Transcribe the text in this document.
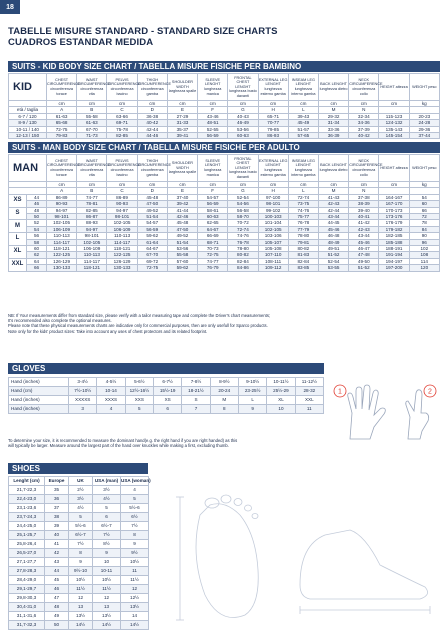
18
TABELLE MISURE STANDARD - STANDARD SIZE CHARTS
CUADROS ESTANDAR MEDIDA
SUITS - KID BODY SIZE CHART / TABELLA MISURE FISICHE PER BAMBINO
KID	CHEST CIRCUMFERENCE circonferenza torace	WAIST CIRCUMFERENCE circonferenza vita	PELVIS CIRCUMFERENCE circonferenza bacino	THIGH CIRCUMFERENCE circonferenza gamba	SHOULDER WIDTH larghezza spalle	SLEEVE LENGHT lunghezza manica	FRONTAL CHEST LENGHT lunghezza busto davanti	EXTERNAL LEG LENGHT lunghezza esterno gamba	INSEAM LEG LENGHT lunghezza interno gamba	BACK LENGHT lunghezza dietro	NECK CIRCUMFERENCE circonferenza collo	HEIGHT altezza	WEIGHT peso
	cm	cm	cm	cm	cm	cm	cm	cm	cm	cm	cm	cm	kg
età / taglia	A	B	C	D	E	F	G	H	L	M	N		
6-7 / 120	61-63	55-58	63-66	36-38	27-29	43-46	40-43	65-71	39-43	29-32	32-34	115-123	20-23
8-9 / 130	65-68	61-63	69-71	40-42	31-33	48-51	46-49	70-77	45-49	31-34	34-36	124-132	24-28
10-11 / 140	72-75	67-70	75-78	42-44	35-37	52-55	53-56	79-85	51-57	33-36	37-39	135-143	29-36
12-13 / 150	79-83	71-73	82-85	44-46	39-41	56-59	60-63	86-93	57-65	36-39	40-42	145-154	37-44
SUITS - MAN BODY SIZE CHART / TABELLA MISURE FISICHE PER ADULTO
MAN		CHEST CIRCUMFERENCE circonferenza torace	WAIST CIRCUMFERENCE circonferenza vita	PELVIS CIRCUMFERENCE circonferenza bacino	THIGH CIRCUMFERENCE circonferenza gamba	SHOULDER WIDTH larghezza spalle	SLEEVE LENGHT lunghezza manica	FRONTAL CHEST LENGHT lunghezza busto davanti	EXTERNAL LEG LENGHT lunghezza esterno gamba	INSEAM LEG LENGHT lunghezza interno gamba	BACK LENGHT lunghezza dietro	NECK CIRCUMFERENCE circonferenza collo	HEIGHT altezza	WEIGHT peso
		cm	cm	cm	cm	cm	cm	cm	cm	cm	cm	cm	cm	kg
		A	B	C	D	E	F	G	H	L	M	N		
XS	44	86-89	74-77	86-89	45-48	37-40	54-57	52-54	97-100	72-74	41-43	37-38	164-167	54
	46	90-93	78-81	90-93	47-50	39-42	56-59	54-56	98-101	73-75	42-43	38-39	167-170	60
S	48	94-97	82-85	94-97	49-52	41-44	58-61	56-58	99-102	74-76	42-44	39-40	170-173	66
	50	98-101	86-87	98-101	51-54	42-46	60-63	58-70	100-103	75-77	43-44	40-41	173-176	72
M	52	102-105	88-93	102-105	54-57	45-48	62-65	70-72	101-104	76-78	44-45	41-42	176-179	78
	54	106-109	94-97	106-109	56-59	47-50	64-67	72-74	102-105	77-79	45-46	42-43	179-182	84
L	56	110-113	98-101	110-113	59-62	49-52	66-69	74-76	103-106	78-80	46-48	43-44	182-185	90
	58	114-117	102-105	114-117	61-64	51-54	68-71	76-78	105-107	79-81	48-49	45-46	185-188	96
XL	60	118-121	106-109	118-121	64-67	53-56	70-73	78-80	105-108	80-82	49-51	46-47	188-191	102
	62	122-125	110-113	122-125	67-70	55-58	72-75	80-82	107-110	81-83	51-52	47-48	191-194	108
XXL	64	126-129	114-117	126-129	69-72	57-60	74-77	82-84	108-111	82-84	52-54	49-50	194-197	114
	66	130-133	118-121	130-133	72-75	59-62	76-79	84-86	109-112	83-85	53-55	51-52	197-200	120
NB: If Your measurements differ from standard size, please verify with a tailor measuring tape and complete the Driver's chart measurements;
It's recommended also complete the optional measures.
Please note that these physical measurements charts are indicative only for commercial purposes, then are only usefull for Sparco products.
Note only for the kids' product sizes: Take into account any uses of chest protectors and its related footprint.
GLOVES
Hand (inches)	3-4½	4-5½	5-6½	6-7½	7-8½	8-9½	9-10½	10-11½	11-12½
Hand (cm)	7½-10½	10-14	12½-16½	15½-19	18-21½	20-24	23-25½	25½-29	28-32
Hand (inches)	XXXXS	XXXS	XXS	XS	S	M	L	XL	XXL
Hand (inches)	3	4	5	6	7	8	9	10	11
To determine your size, it is recommended to measure the dominant hand(e.g. the right hand if you are right handed) as this
will typically be larger. Measure around the largest part of the hand over knuckles while making a first, excluding thumb.
1	2
SHOES
Lenght (cm)	Europe	UK	USA (man)	USA (woman)
21,7-22,3	35	2½	3½	4
22,4-23,0	36	3½	4½	5
23,1-23,6	37	4½	5	5½-6
23,7-24,3	38	5	6	6½
24,4-25,0	39	5½-6	6½-7	7½
25,1-25,7	40	6½-7	7½	8
25,8-26,4	41	7½	8½	9
26,5-27,0	42	8	9	9½
27,1-27,7	43	9	10	10½
27,8-28,3	44	9½-10	10-11	11
28,4-29,0	45	10½	10½	11½
29,1-29,7	46	11½	11½	12
29,8-30,3	47	12	12	12½
30,4-31,0	48	13	13	13½
31,1-31,6	49	13½	13½	14
31,7-32,3	50	14½	14½	14½
